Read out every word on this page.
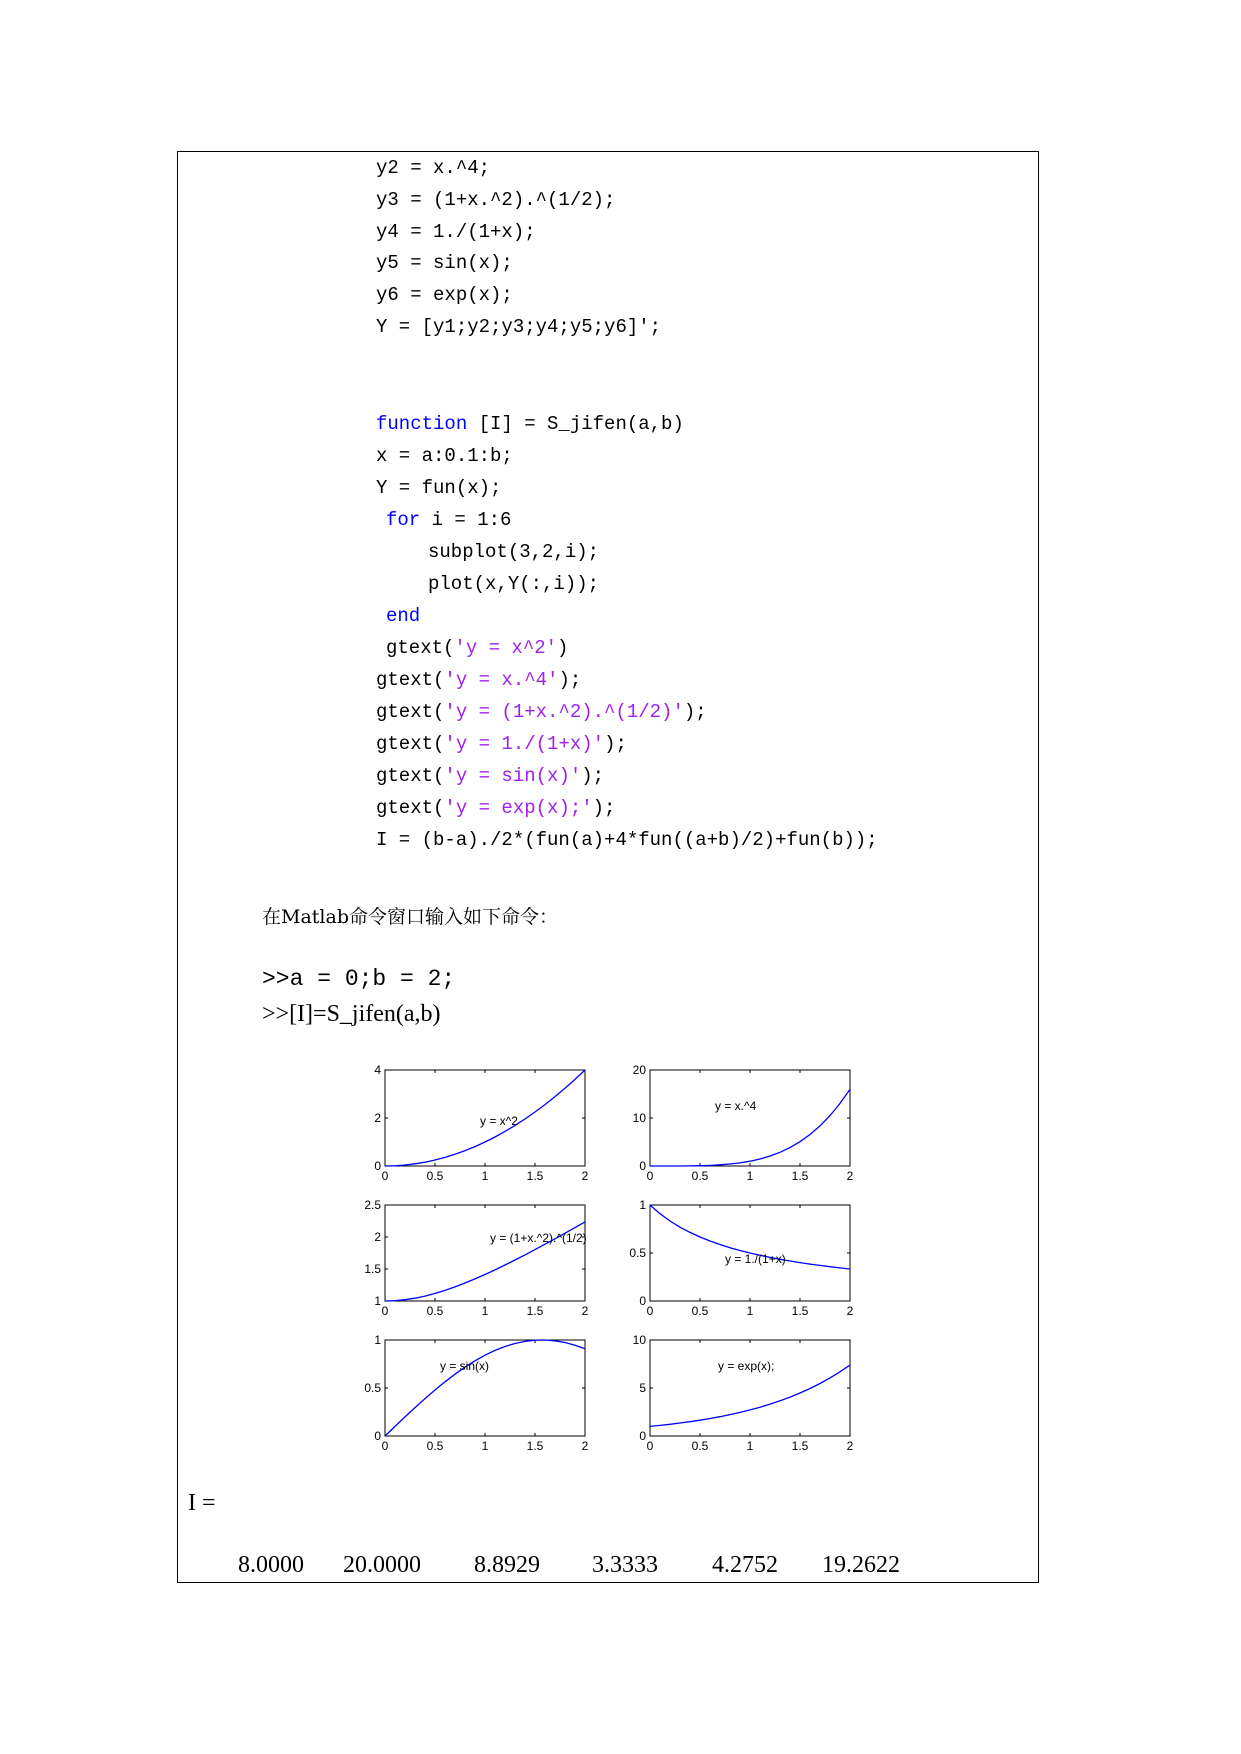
y2 = x.^4;
y3 = (1+x.^2).^(1/2);
y4 = 1./(1+x);
y5 = sin(x);
y6 = exp(x);
Y = [y1;y2;y3;y4;y5;y6]';
function [I] = S_jifen(a,b)
x = a:0.1:b;
Y = fun(x);
for i = 1:6
subplot(3,2,i);
plot(x,Y(:,i));
end
gtext('y = x^2')
gtext('y = x.^4');
gtext('y = (1+x.^2).^(1/2)');
gtext('y = 1./(1+x)');
gtext('y = sin(x)');
gtext('y = exp(x);');
I = (b-a)./2*(fun(a)+4*fun((a+b)/2)+fun(b));
在Matlab命令窗口输入如下命令：
>>a = 0;b = 2;
>>[I]=S_jifen(a,b)
0	0.5	1	1.5	2
0
2
4
y = x^2
0	0.5	1	1.5	2
0
10
20
y = x.^4
0	0.5	1	1.5	2
1
1.5
2
2.5
y = (1+x.^2).^(1/2)
0	0.5	1	1.5	2
0
0.5
1
y = 1./(1+x)
0	0.5	1	1.5	2
0
0.5
1
y = sin(x)
0	0.5	1	1.5	2
0
5
10
y = exp(x);
I =
8.0000 20.0000 8.8929 3.3333 4.2752 19.2622
